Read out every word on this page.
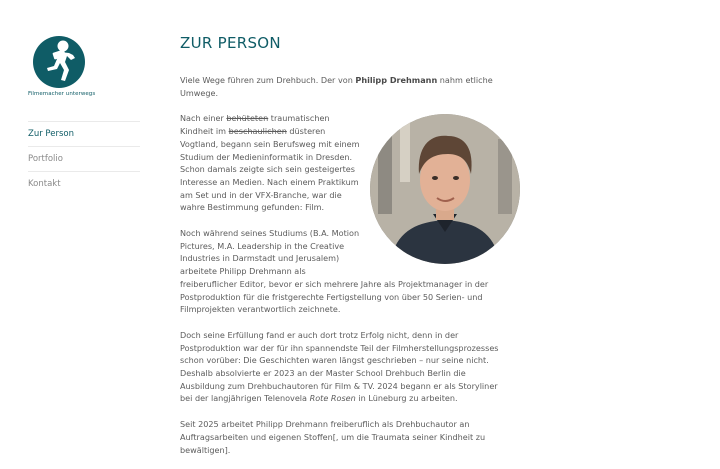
Filmemacher unterwegs
Zur Person
Portfolio
Kontakt
ZUR PERSON

Viele Wege führen zum Drehbuch. Der von Philipp Drehmann nahm etliche Umwege.

Nach einer behüteten traumatischen Kindheit im beschaulichen düsteren Vogtland, begann sein Berufsweg mit einem Studium der Medieninformatik in Dresden. Schon damals zeigte sich sein gesteigertes Interesse an Medien. Nach einem Praktikum am Set und in der VFX-Branche, war die wahre Bestimmung gefunden: Film.

Noch während seines Studiums (B.A. Motion Pictures, M.A. Leadership in the Creative Industries in Darmstadt und Jerusalem) arbeitete Philipp Drehmann als freiberuflicher Editor, bevor er sich mehrere Jahre als Projektmanager in der Postproduktion für die fristgerechte Fertigstellung von über 50 Serien- und Filmprojekten verantwortlich zeichnete.

Doch seine Erfüllung fand er auch dort trotz Erfolg nicht, denn in der Postproduktion war der für ihn spannendste Teil der Filmherstellungsprozesses schon vorüber: Die Geschichten waren längst geschrieben – nur seine nicht. Deshalb absolvierte er 2023 an der Master School Drehbuch Berlin die Ausbildung zum Drehbuchautoren für Film & TV. 2024 begann er als Storyliner bei der langjährigen Telenovela Rote Rosen in Lüneburg zu arbeiten.

Seit 2025 arbeitet Philipp Drehmann freiberuflich als Drehbuchautor an Auftragsarbeiten und eigenen Stoffen[, um die Traumata seiner Kindheit zu bewältigen].
